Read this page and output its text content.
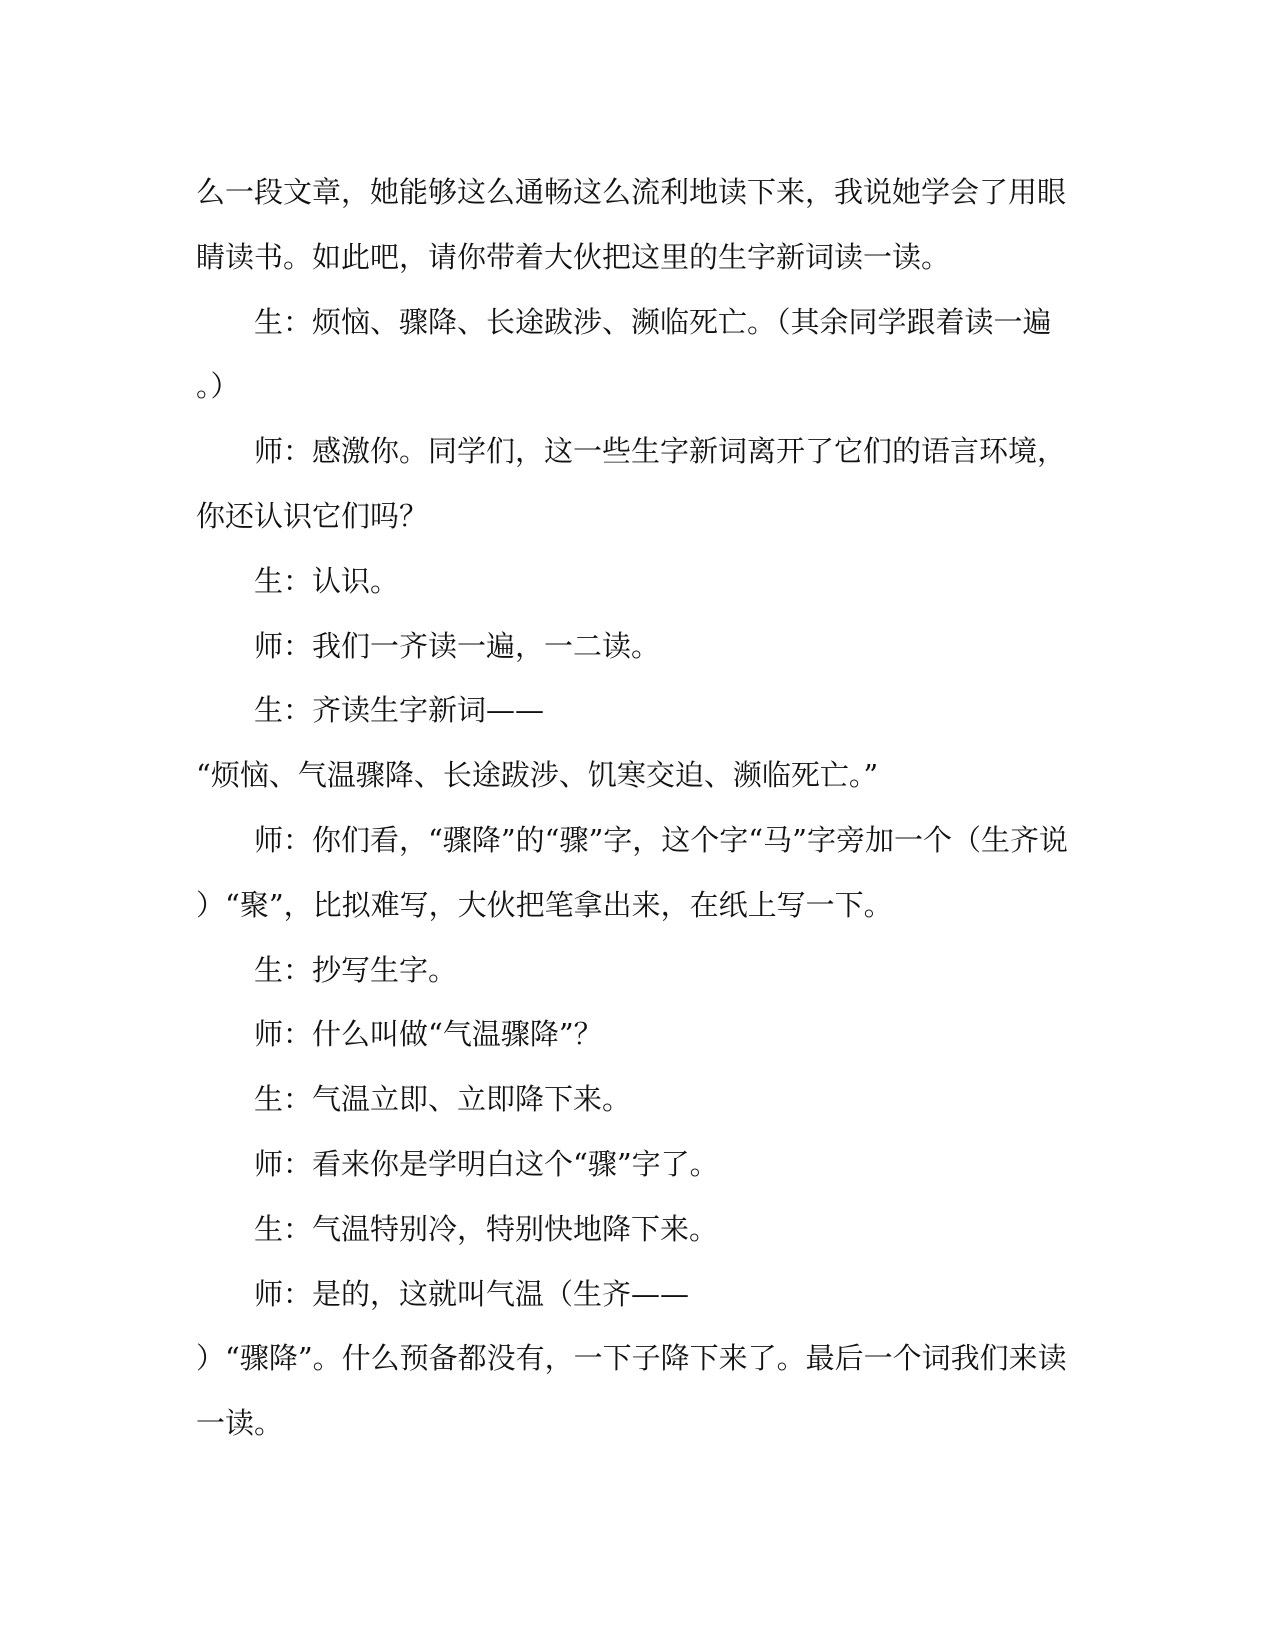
么一段文章，她能够这么通畅这么流利地读下来，我说她学会了用眼
睛读书。如此吧，请你带着大伙把这里的生字新词读一读。
生：烦恼、骤降、长途跋涉、濒临死亡。（其余同学跟着读一遍
。）
师：感激你。同学们，这一些生字新词离开了它们的语言环境，
你还认识它们吗？
生：认识。
师：我们一齐读一遍，一二读。
生：齐读生字新词——
“烦恼、气温骤降、长途跋涉、饥寒交迫、濒临死亡。”
师：你们看，“骤降”的“骤”字，这个字“马”字旁加一个（生齐说
）“聚”，比拟难写，大伙把笔拿出来，在纸上写一下。
生：抄写生字。
师：什么叫做“气温骤降”？
生：气温立即、立即降下来。
师：看来你是学明白这个“骤”字了。
生：气温特别冷，特别快地降下来。
师：是的，这就叫气温（生齐——
）“骤降”。什么预备都没有，一下子降下来了。最后一个词我们来读
一读。
